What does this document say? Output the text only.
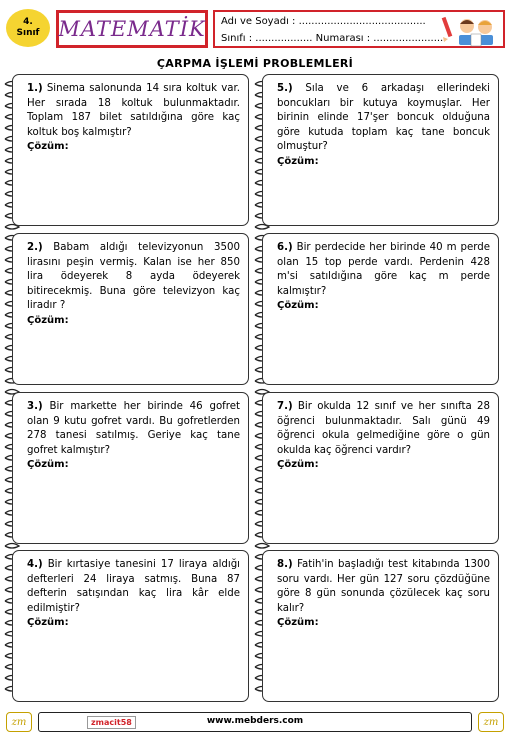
4.
Sınıf MATEMATİK Adı ve Soyadı : ........................................
Sınıfı : .................. Numarası : ......................
ÇARPMA İŞLEMİ PROBLEMLERİ

1.) Sinema salonunda 14 sıra koltuk var. Her sırada 18 koltuk bulunmaktadır. Toplam 187 bilet satıldığına göre kaç koltuk boş kalmıştır?

Çözüm:

2.) Babam aldığı televizyonun 3500 lirasını peşin vermiş. Kalan ise her 850 lira ödeyerek 8 ayda ödeyerek bitirecekmiş. Buna göre televizyon kaç liradır ?

Çözüm:

3.) Bir markette her birinde 46 gofret olan 9 kutu gofret vardı. Bu gofretlerden 278 tanesi satılmış. Geriye kaç tane gofret kalmıştır?

Çözüm:

4.) Bir kırtasiye tanesini 17 liraya aldığı defterleri 24 liraya satmış. Buna 87 defterin satışından kaç lira kâr elde edilmiştir?

Çözüm:

5.) Sıla ve 6 arkadaşı ellerindeki boncukları bir kutuya koymuşlar. Her birinin elinde 17'şer boncuk olduğuna göre kutuda toplam kaç tane boncuk olmuştur?

Çözüm:

6.) Bir perdecide her birinde 40 m perde olan 15 top perde vardı. Perdenin 428 m'si satıldığına göre kaç m perde kalmıştır?

Çözüm:

7.) Bir okulda 12 sınıf ve her sınıfta 28 öğrenci bulunmaktadır. Salı günü 49 öğrenci okula gelmediğine göre o gün okulda kaç öğrenci vardır?

Çözüm:

8.) Fatih'in başladığı test kitabında 1300 soru vardı. Her gün 127 soru çözdüğüne göre 8 gün sonunda çözülecek kaç soru kalır?

Çözüm:
zm	zmacit58	www.mebders.com	zm
